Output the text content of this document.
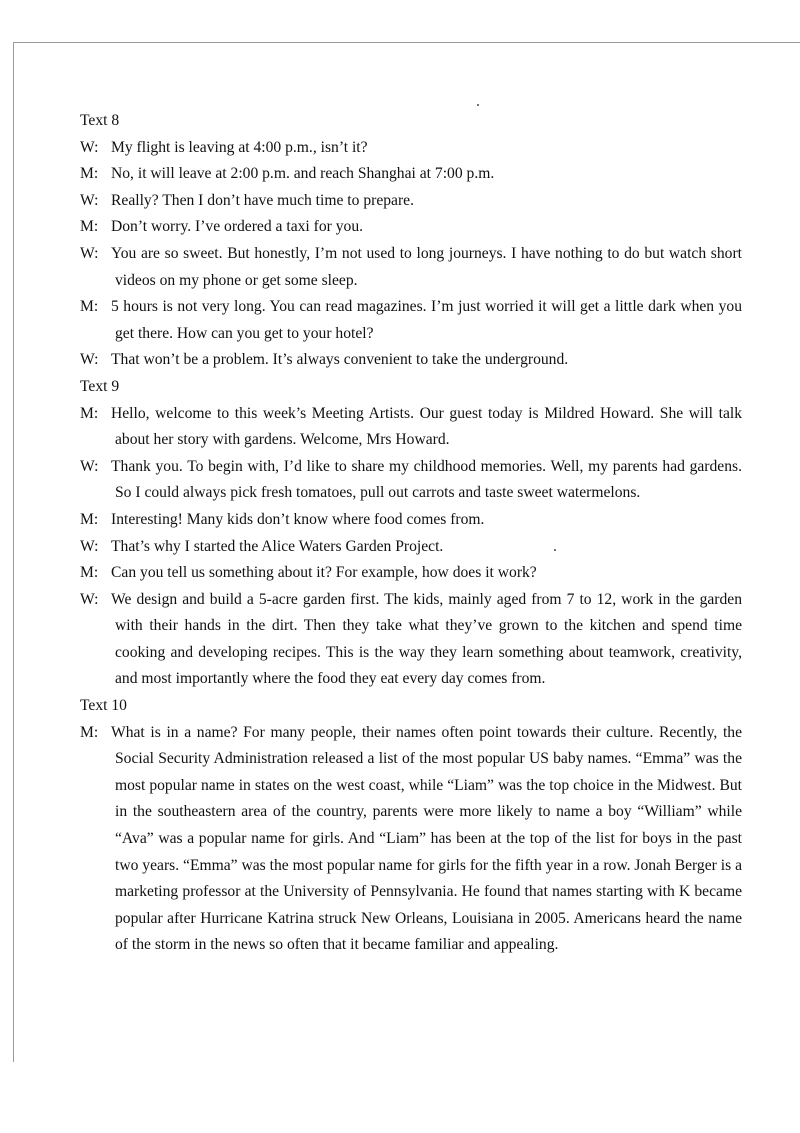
Text 8

W: My flight is leaving at 4:00 p.m., isn’t it?

M: No, it will leave at 2:00 p.m. and reach Shanghai at 7:00 p.m.

W: Really? Then I don’t have much time to prepare.

M: Don’t worry. I’ve ordered a taxi for you.

W: You are so sweet. But honestly, I’m not used to long journeys. I have nothing to do but watch short videos on my phone or get some sleep.

M: 5 hours is not very long. You can read magazines. I’m just worried it will get a little dark when you get there. How can you get to your hotel?

W: That won’t be a problem. It’s always convenient to take the underground.

Text 9

M: Hello, welcome to this week’s Meeting Artists. Our guest today is Mildred Howard. She will talk about her story with gardens. Welcome, Mrs Howard.

W: Thank you. To begin with, I’d like to share my childhood memories. Well, my parents had gardens. So I could always pick fresh tomatoes, pull out carrots and taste sweet watermelons.

M: Interesting! Many kids don’t know where food comes from.

W: That’s why I started the Alice Waters Garden Project.

M: Can you tell us something about it? For example, how does it work?

W: We design and build a 5-acre garden first. The kids, mainly aged from 7 to 12, work in the garden with their hands in the dirt. Then they take what they’ve grown to the kitchen and spend time cooking and developing recipes. This is the way they learn something about teamwork, creativity, and most importantly where the food they eat every day comes from.

Text 10

M: What is in a name? For many people, their names often point towards their culture. Recently, the Social Security Administration released a list of the most popular US baby names. “Emma” was the most popular name in states on the west coast, while “Liam” was the top choice in the Midwest. But in the southeastern area of the country, parents were more likely to name a boy “William” while “Ava” was a popular name for girls. And “Liam” has been at the top of the list for boys in the past two years. “Emma” was the most popular name for girls for the fifth year in a row. Jonah Berger is a marketing professor at the University of Pennsylvania. He found that names starting with K became popular after Hurricane Katrina struck New Orleans, Louisiana in 2005. Americans heard the name of the storm in the news so often that it became familiar and appealing.
